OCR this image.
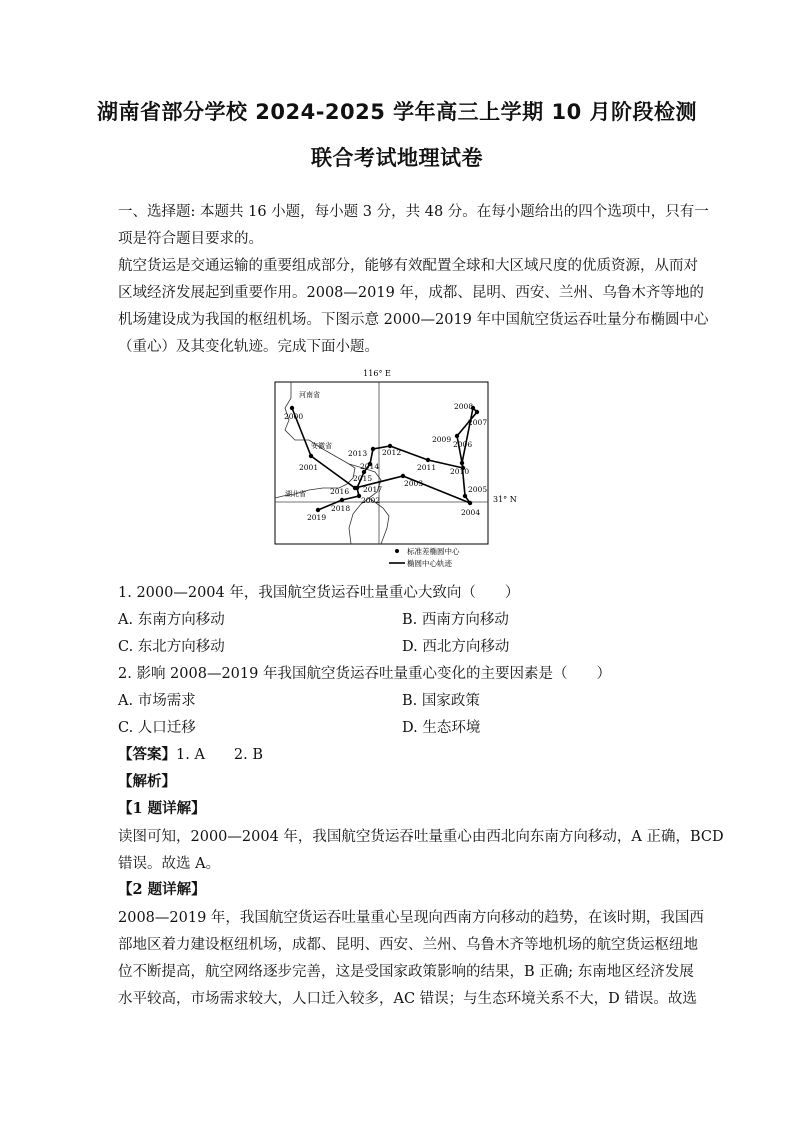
湖南省部分学校 2024-2025 学年高三上学期 10 月阶段检测
联合考试地理试卷
一、选择题: 本题共 16 小题，每小题 3 分，共 48 分。在每小题给出的四个选项中，只有一
项是符合题目要求的。
航空货运是交通运输的重要组成部分，能够有效配置全球和大区域尺度的优质资源，从而对
区域经济发展起到重要作用。2008—2019 年，成都、昆明、西安、兰州、乌鲁木齐等地的
机场建设成为我国的枢纽机场。下图示意 2000—2019 年中国航空货运吞吐量分布椭圆中心
（重心）及其变化轨迹。完成下面小题。
116° E
31° N
河南省
安徽省
湖北省
2000
2001
2002
2003
2004
2005
2006
2007
2008
2009
2010
2011
2012
2013
2014
2015
2016 2017
2018
2019
标准差椭圆中心
椭圆中心轨迹
1. 2000—2004 年，我国航空货运吞吐量重心大致向（　　）
A. 东南方向移动	B. 西南方向移动
C. 东北方向移动	D. 西北方向移动
2. 影响 2008—2019 年我国航空货运吞吐量重心变化的主要因素是（　　）
A. 市场需求	B. 国家政策
C. 人口迁移	D. 生态环境
【答案】1. A　　2. B
【解析】
【1 题详解】
读图可知，2000—2004 年，我国航空货运吞吐量重心由西北向东南方向移动，A 正确，BCD
错误。故选 A。
【2 题详解】
2008—2019 年，我国航空货运吞吐量重心呈现向西南方向移动的趋势，在该时期，我国西
部地区着力建设枢纽机场，成都、昆明、西安、兰州、乌鲁木齐等地机场的航空货运枢纽地
位不断提高，航空网络逐步完善，这是受国家政策影响的结果，B 正确; 东南地区经济发展
水平较高，市场需求较大，人口迁入较多，AC 错误；与生态环境关系不大，D 错误。故选
